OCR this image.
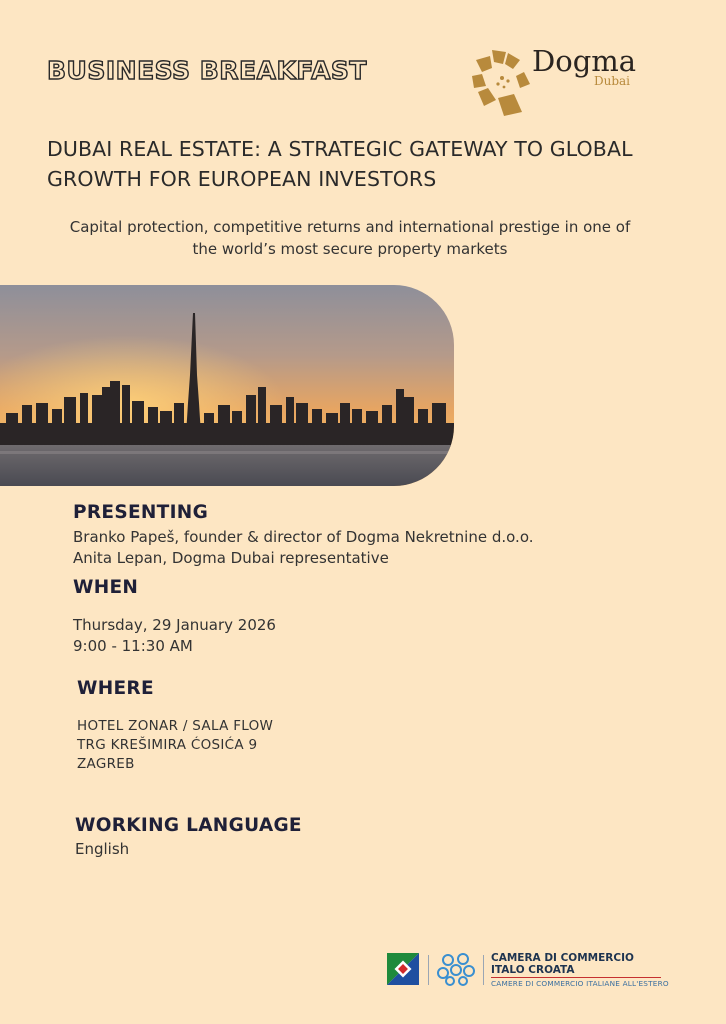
BUSINESS BREAKFAST	Dogma
Dubai
DUBAI REAL ESTATE: A STRATEGIC GATEWAY TO GLOBAL
GROWTH FOR EUROPEAN INVESTORS
Capital protection, competitive returns and international prestige in one of
the world’s most secure property markets
PRESENTING
Branko Papeš, founder & director of Dogma Nekretnine d.o.o.
Anita Lepan, Dogma Dubai representative
WHEN
Thursday, 29 January 2026
9:00 - 11:30 AM
WHERE
HOTEL ZONAR / SALA FLOW
TRG KREŠIMIRA ĆOSIĆA 9
ZAGREB
WORKING LANGUAGE
English
CAMERA DI COMMERCIO
ITALO CROATA
CAMERE DI COMMERCIO ITALIANE ALL'ESTERO
